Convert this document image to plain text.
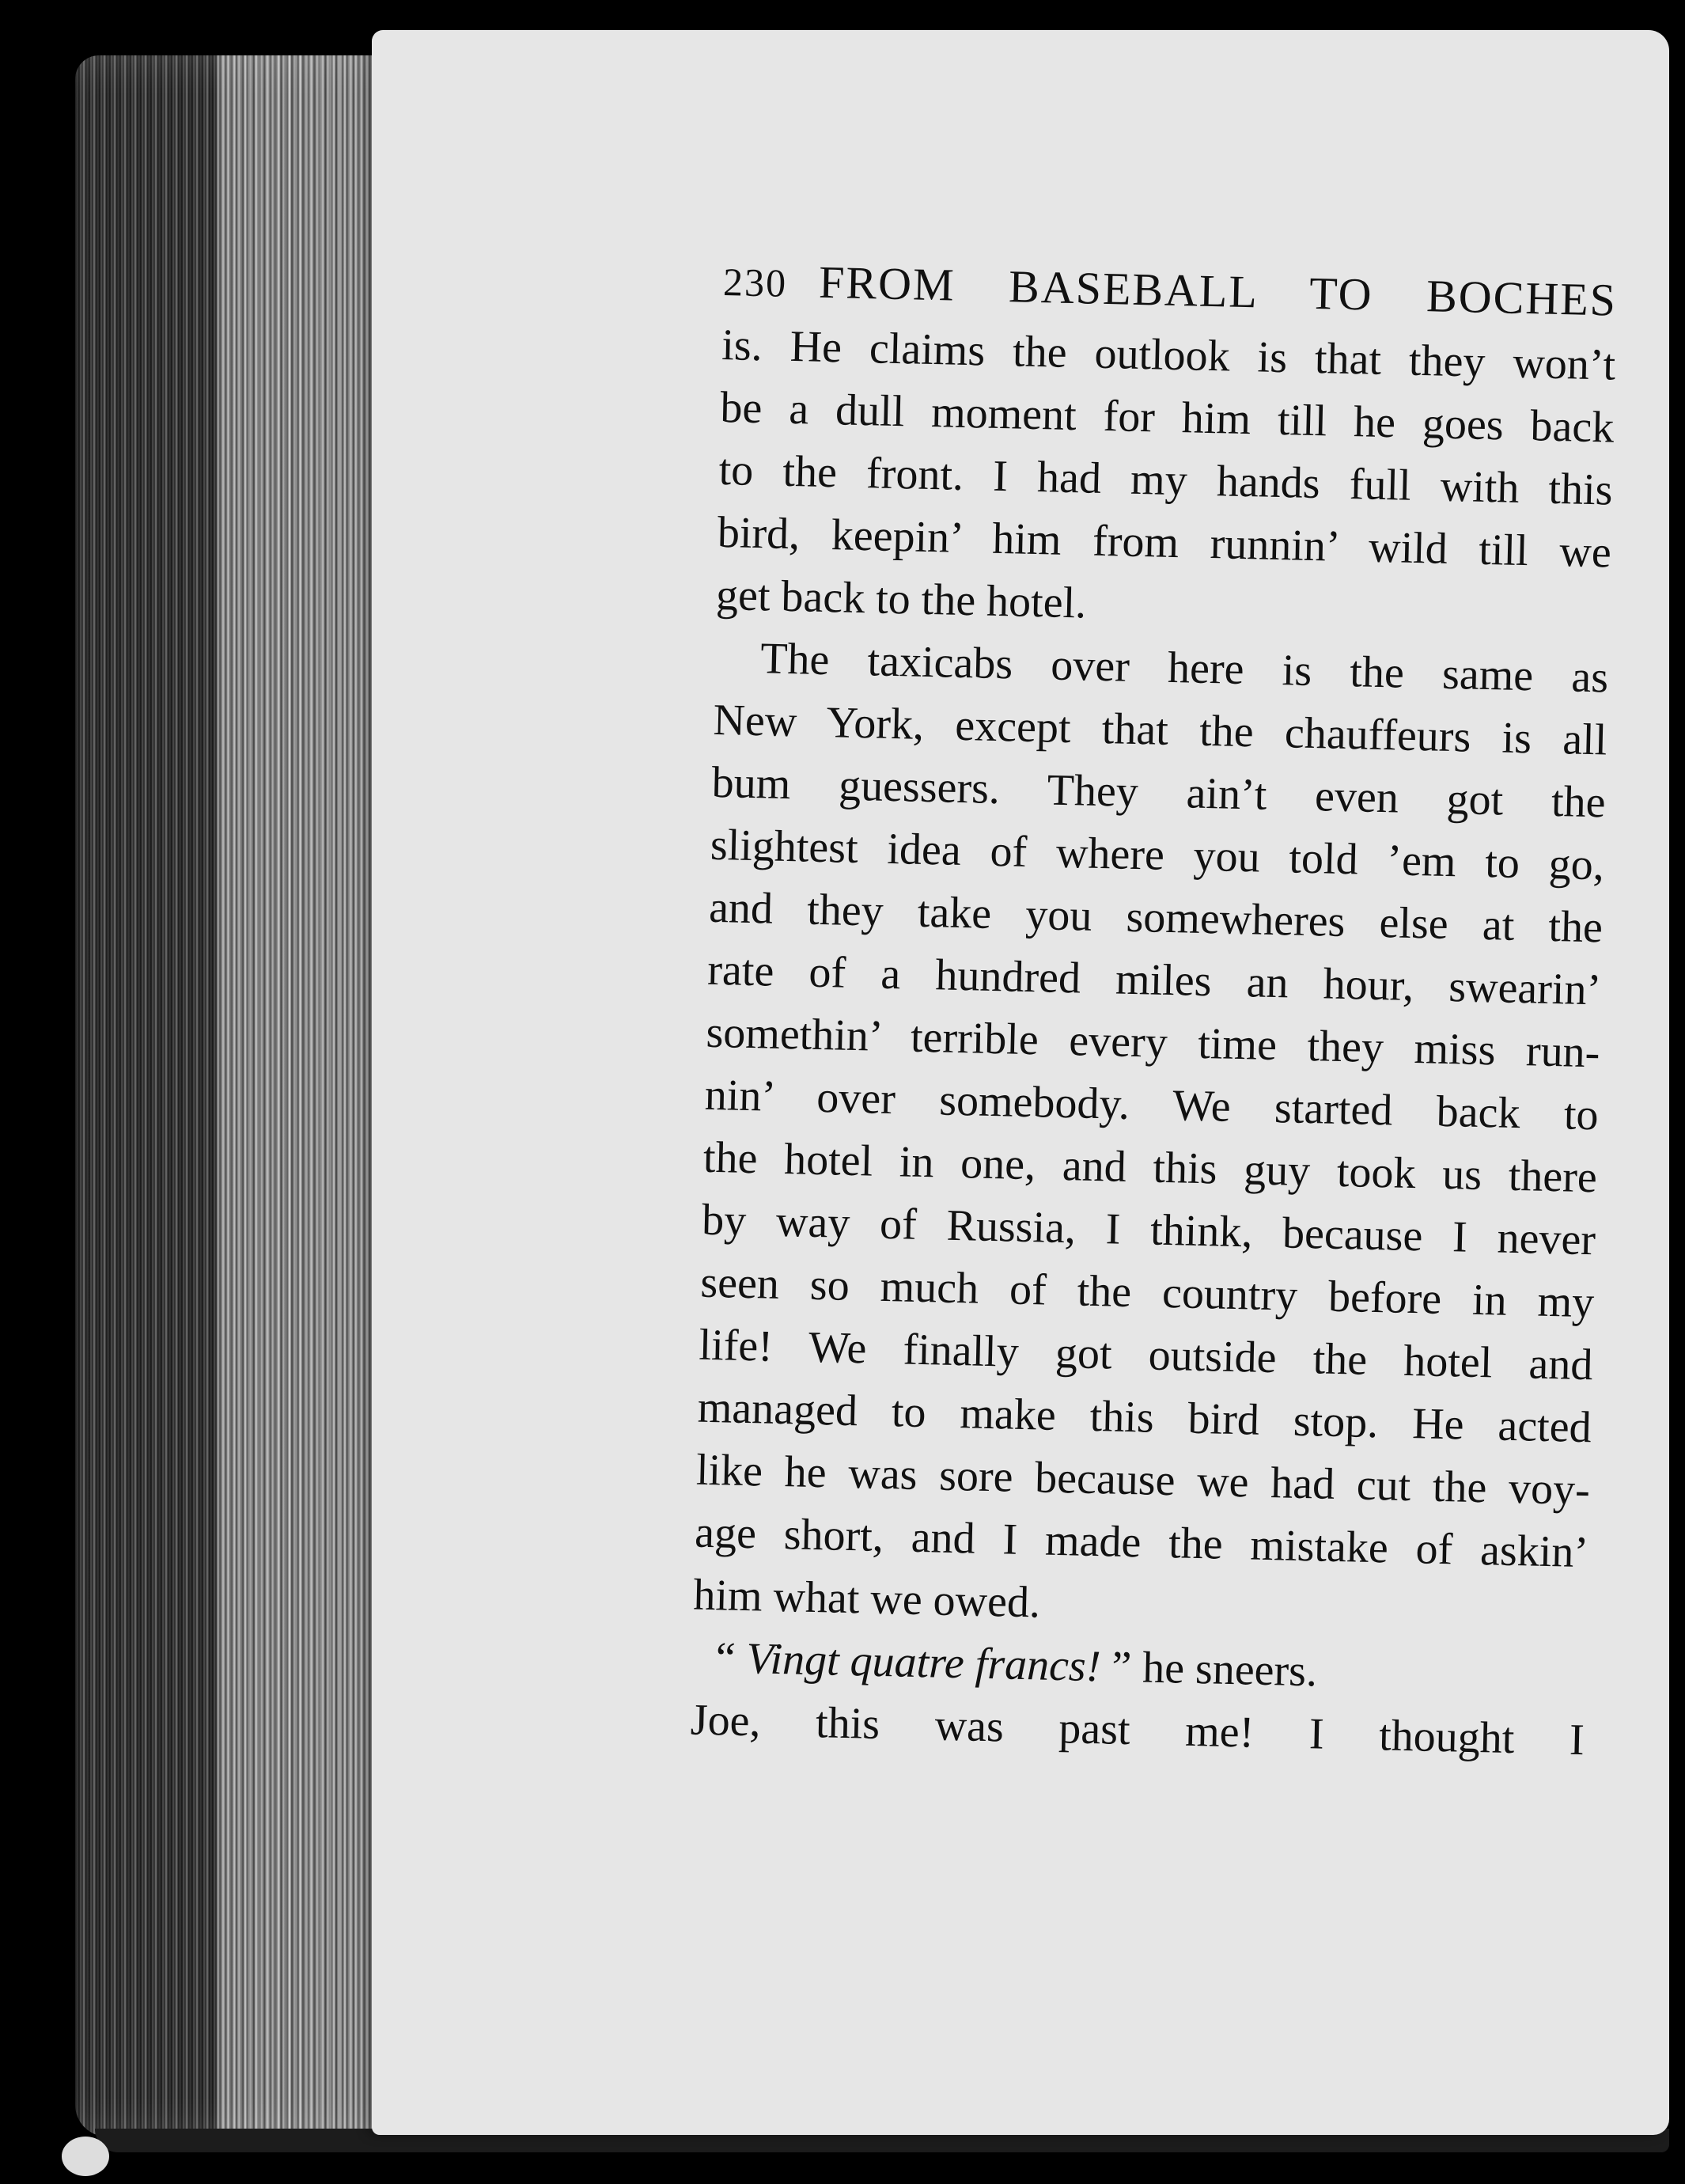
230 FROM BASEBALL TO BOCHES
is. He claims the outlook is that they won’t
be a dull moment for him till he goes back
to the front. I had my hands full with this
bird, keepin’ him from runnin’ wild till we
get back to the hotel.
The taxicabs over here is the same as
New York, except that the chauffeurs is all
bum guessers. They ain’t even got the
slightest idea of where you told ’em to go,
and they take you somewheres else at the
rate of a hundred miles an hour, swearin’
somethin’ terrible every time they miss run-
nin’ over somebody. We started back to
the hotel in one, and this guy took us there
by way of Russia, I think, because I never
seen so much of the country before in my
life! We finally got outside the hotel and
managed to make this bird stop. He acted
like he was sore because we had cut the voy-
age short, and I made the mistake of askin’
him what we owed.
“ Vingt quatre francs! ” he sneers.
Joe, this was past me! I thought I
